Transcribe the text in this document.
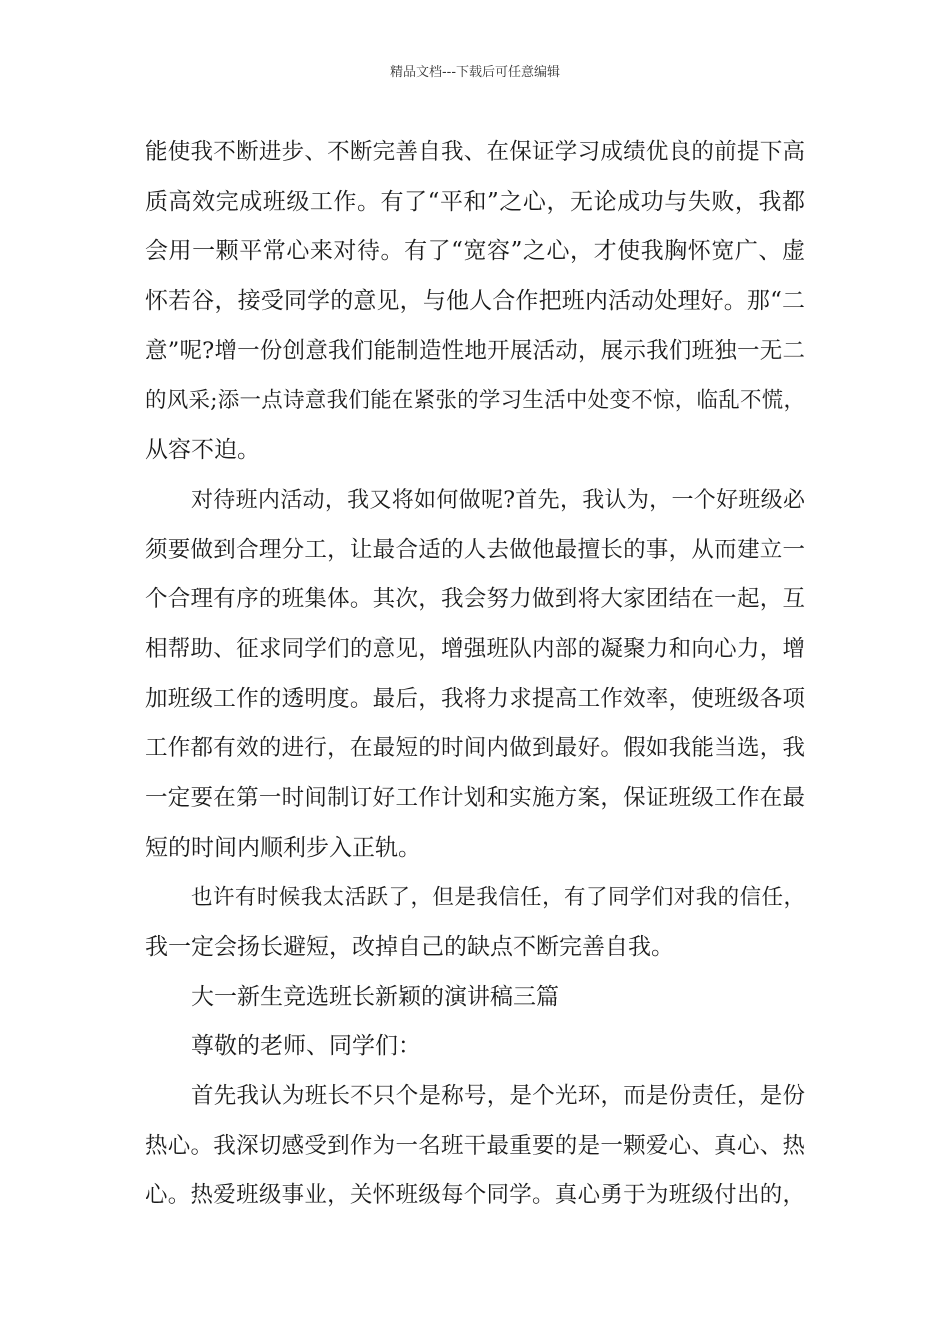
精品文档---下载后可任意编辑
能使我不断进步、不断完善自我、在保证学习成绩优良的前提下高
质高效完成班级工作。有了“平和”之心，无论成功与失败，我都
会用一颗平常心来对待。有了“宽容”之心，才使我胸怀宽广、虚
怀若谷，接受同学的意见，与他人合作把班内活动处理好。那“二
意”呢?增一份创意我们能制造性地开展活动，展示我们班独一无二
的风采;添一点诗意我们能在紧张的学习生活中处变不惊，临乱不慌，
从容不迫。
对待班内活动，我又将如何做呢?首先，我认为，一个好班级必
须要做到合理分工，让最合适的人去做他最擅长的事，从而建立一
个合理有序的班集体。其次，我会努力做到将大家团结在一起，互
相帮助、征求同学们的意见，增强班队内部的凝聚力和向心力，增
加班级工作的透明度。最后，我将力求提高工作效率，使班级各项
工作都有效的进行，在最短的时间内做到最好。假如我能当选，我
一定要在第一时间制订好工作计划和实施方案，保证班级工作在最
短的时间内顺利步入正轨。
也许有时候我太活跃了，但是我信任，有了同学们对我的信任，
我一定会扬长避短，改掉自己的缺点不断完善自我。
大一新生竞选班长新颖的演讲稿三篇
尊敬的老师、同学们：
首先我认为班长不只个是称号，是个光环，而是份责任，是份
热心。我深切感受到作为一名班干最重要的是一颗爱心、真心、热
心。热爱班级事业，关怀班级每个同学。真心勇于为班级付出的，
